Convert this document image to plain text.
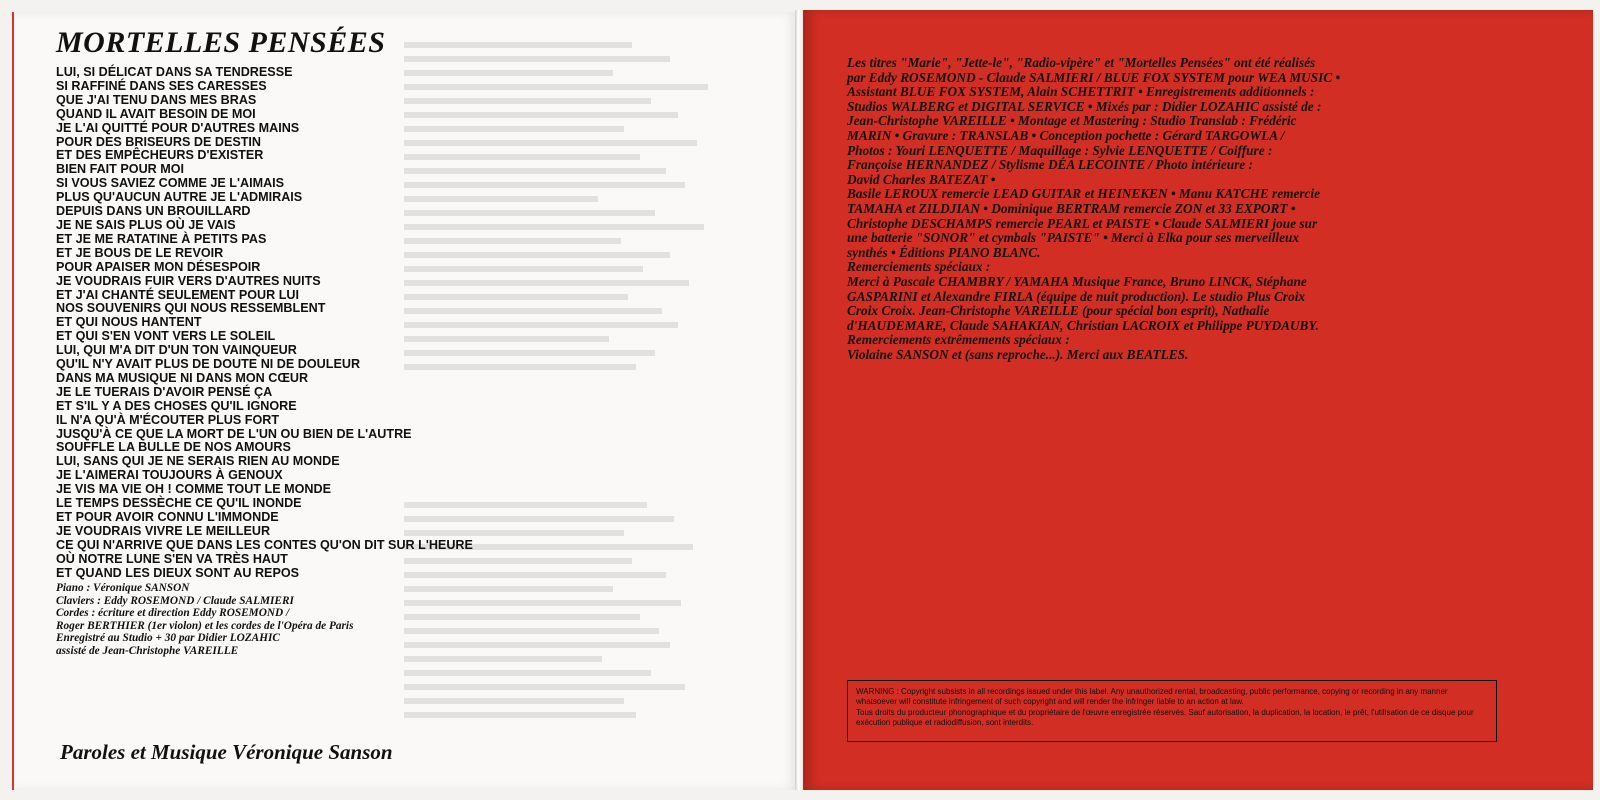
MORTELLES PENSÉES
LUI, SI DÉLICAT DANS SA TENDRESSE
SI RAFFINÉ DANS SES CARESSES
QUE J'AI TENU DANS MES BRAS
QUAND IL AVAIT BESOIN DE MOI
JE L'AI QUITTÉ POUR D'AUTRES MAINS
POUR DES BRISEURS DE DESTIN
ET DES EMPÊCHEURS D'EXISTER
BIEN FAIT POUR MOI
SI VOUS SAVIEZ COMME JE L'AIMAIS
PLUS QU'AUCUN AUTRE JE L'ADMIRAIS
DEPUIS DANS UN BROUILLARD
JE NE SAIS PLUS OÙ JE VAIS
ET JE ME RATATINE À PETITS PAS
ET JE BOUS DE LE REVOIR
POUR APAISER MON DÉSESPOIR
JE VOUDRAIS FUIR VERS D'AUTRES NUITS
ET J'AI CHANTÉ SEULEMENT POUR LUI
NOS SOUVENIRS QUI NOUS RESSEMBLENT
ET QUI NOUS HANTENT
ET QUI S'EN VONT VERS LE SOLEIL
LUI, QUI M'A DIT D'UN TON VAINQUEUR
QU'IL N'Y AVAIT PLUS DE DOUTE NI DE DOULEUR
DANS MA MUSIQUE NI DANS MON CŒUR
JE LE TUERAIS D'AVOIR PENSÉ ÇA
ET S'IL Y A DES CHOSES QU'IL IGNORE
IL N'A QU'À M'ÉCOUTER PLUS FORT
JUSQU'À CE QUE LA MORT DE L'UN OU BIEN DE L'AUTRE
SOUFFLE LA BULLE DE NOS AMOURS
LUI, SANS QUI JE NE SERAIS RIEN AU MONDE
JE L'AIMERAI TOUJOURS À GENOUX
JE VIS MA VIE OH ! COMME TOUT LE MONDE
LE TEMPS DESSÈCHE CE QU'IL INONDE
ET POUR AVOIR CONNU L'IMMONDE
JE VOUDRAIS VIVRE LE MEILLEUR
CE QUI N'ARRIVE QUE DANS LES CONTES QU'ON DIT SUR L'HEURE
OÙ NOTRE LUNE S'EN VA TRÈS HAUT
ET QUAND LES DIEUX SONT AU REPOS
Piano : Véronique SANSON
Claviers : Eddy ROSEMOND / Claude SALMIERI
Cordes : écriture et direction Eddy ROSEMOND /
Roger BERTHIER (1er violon) et les cordes de l'Opéra de Paris
Enregistré au Studio + 30 par Didier LOZAHIC
assisté de Jean-Christophe VAREILLE

Paroles et Musique Véronique Sanson

Les titres "Marie", "Jette-le", "Radio-vipère" et "Mortelles Pensées" ont été réalisés
par Eddy ROSEMOND - Claude SALMIERI / BLUE FOX SYSTEM pour WEA MUSIC •
Assistant BLUE FOX SYSTEM, Alain SCHETTRIT • Enregistrements additionnels :
Studios WALBERG et DIGITAL SERVICE • Mixés par : Didier LOZAHIC assisté de :
Jean-Christophe VAREILLE • Montage et Mastering : Studio Translab : Frédéric
MARIN • Gravure : TRANSLAB • Conception pochette : Gérard TARGOWLA /
Photos : Youri LENQUETTE / Maquillage : Sylvie LENQUETTE / Coiffure :
Françoise HERNANDEZ / Stylisme DÉA LECOINTE / Photo intérieure :
David Charles BATEZAT •
Basile LEROUX remercie LEAD GUITAR et HEINEKEN • Manu KATCHE remercie
TAMAHA et ZILDJIAN • Dominique BERTRAM remercie ZON et 33 EXPORT •
Christophe DESCHAMPS remercie PEARL et PAISTE • Claude SALMIERI joue sur
une batterie "SONOR" et cymbals "PAISTE" • Merci à Elka pour ses merveilleux
synthés • Éditions PIANO BLANC.
Remerciements spéciaux :
Merci à Pascale CHAMBRY / YAMAHA Musique France, Bruno LINCK, Stéphane
GASPARINI et Alexandre FIRLA (équipe de nuit production). Le studio Plus Croix
Croix Croix. Jean-Christophe VAREILLE (pour spécial bon esprit), Nathalie
d'HAUDEMARE, Claude SAHAKIAN, Christian LACROIX et Philippe PUYDAUBY.
Remerciements extrêmements spéciaux :
Violaine SANSON et (sans reproche...). Merci aux BEATLES.

WARNING : Copyright subsists in all recordings issued under this label. Any unauthorized rental, broadcasting, public performance, copying or recording in any manner whatsoever will constitute infringement of such copyright and will render the infringer liable to an action at law.

Tous droits du producteur phonographique et du propriétaire de l'œuvre enregistrée réservés. Sauf autorisation, la duplication, la location, le prêt, l'utilisation de ce disque pour exécution publique et radiodiffusion, sont interdits.
